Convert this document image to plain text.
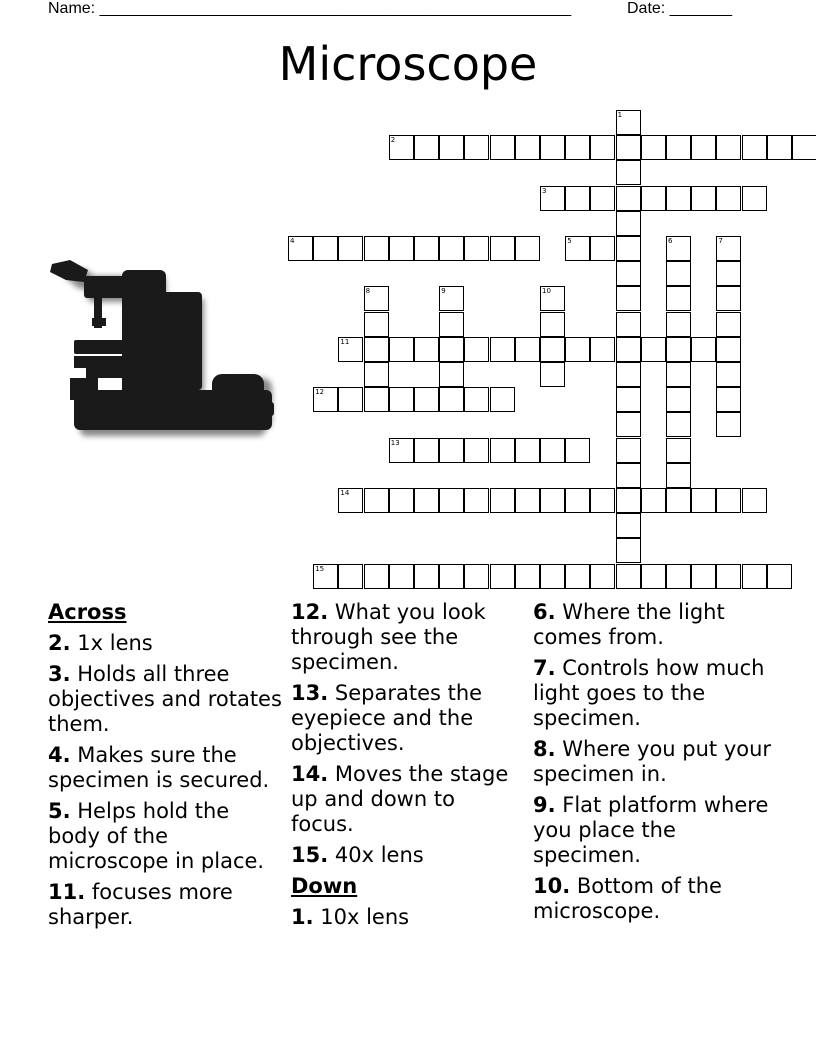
Name: _____________________________________________________	Date: _______
Microscope
1
2
3
4	5	6	7
8	9	10
11
12
13
14
15
Across
2. 1x lens
3. Holds all three objectives and rotates them.
4. Makes sure the specimen is secured.
5. Helps hold the body of the microscope in place.
11. focuses more sharper.
12. What you look through see the specimen.
13. Separates the eyepiece and the objectives.
14. Moves the stage up and down to focus.
15. 40x lens
Down
1. 10x lens
6. Where the light comes from.
7. Controls how much light goes to the specimen.
8. Where you put your specimen in.
9. Flat platform where you place the specimen.
10. Bottom of the microscope.
